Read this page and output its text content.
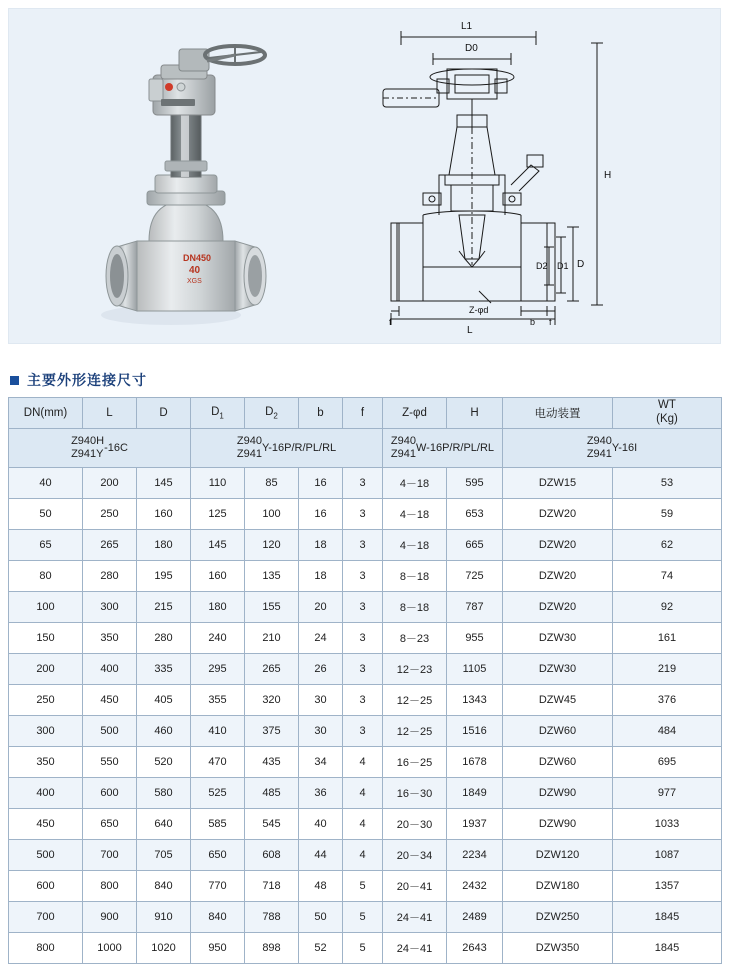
DN450
40
XGS
L1
D0
H
D
D1
D2
L
b f
f
Z-φd
主要外形连接尺寸
DN(mm)	L	D	$D_1$	$D_2$	b	f	Z-φd	H	电动装置	WT
(Kg)

Z940H
Z941Y
-16C			Z940
Z941
Y-16P/R/PL/RL				Z940
Z941
W-16P/R/PL/RL		Z940
Z941
Y-16I	
40	200	145	110	85	16	3	4－18	595	DZW15	53
50	250	160	125	100	16	3	4－18	653	DZW20	59
65	265	180	145	120	18	3	4－18	665	DZW20	62
80	280	195	160	135	18	3	8－18	725	DZW20	74
100	300	215	180	155	20	3	8－18	787	DZW20	92
150	350	280	240	210	24	3	8－23	955	DZW30	161
200	400	335	295	265	26	3	12－23	1105	DZW30	219
250	450	405	355	320	30	3	12－25	1343	DZW45	376
300	500	460	410	375	30	3	12－25	1516	DZW60	484
350	550	520	470	435	34	4	16－25	1678	DZW60	695
400	600	580	525	485	36	4	16－30	1849	DZW90	977
450	650	640	585	545	40	4	20－30	1937	DZW90	1033
500	700	705	650	608	44	4	20－34	2234	DZW120	1087
600	800	840	770	718	48	5	20－41	2432	DZW180	1357
700	900	910	840	788	50	5	24－41	2489	DZW250	1845
800	1000	1020	950	898	52	5	24－41	2643	DZW350	1845
